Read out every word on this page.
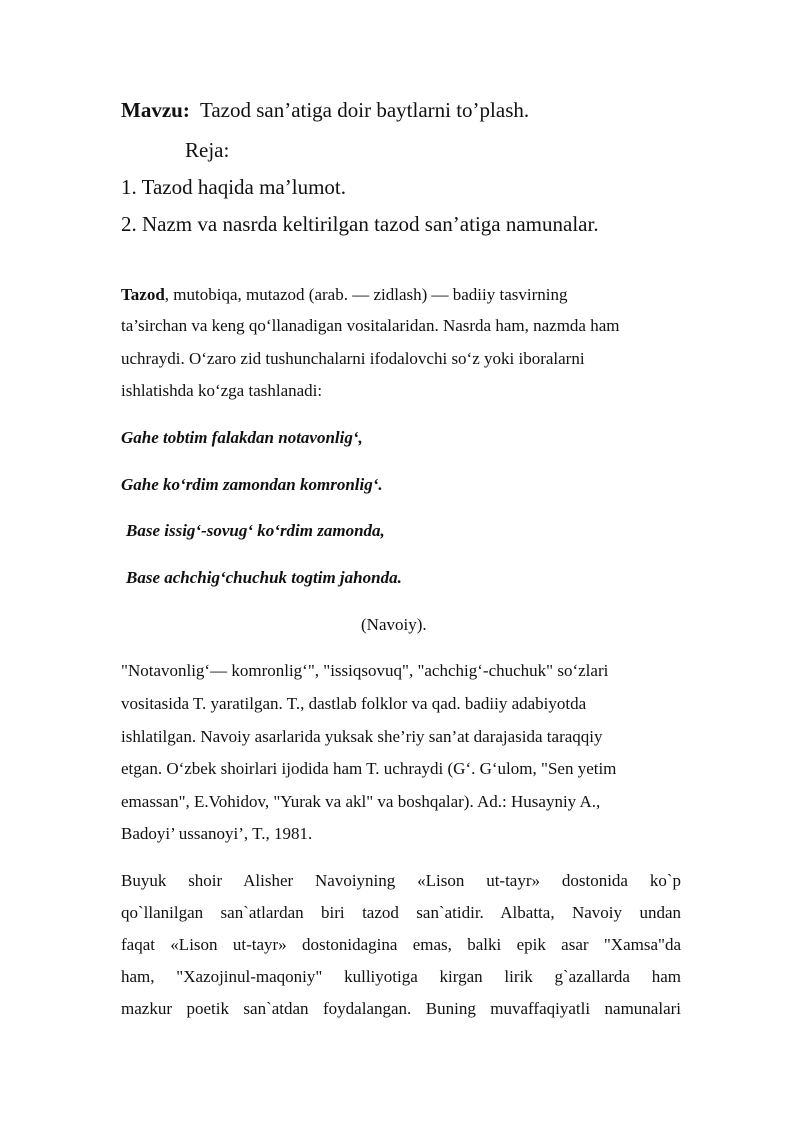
Mavzu: Tazod san’atiga doir baytlarni to’plash.
Reja:
1. Tazod haqida ma’lumot.
2. Nazm va nasrda keltirilgan tazod san’atiga namunalar.
Tazod, mutobiqa, mutazod (arab. — zidlash) — badiiy tasvirning
ta’sirchan va keng qo‘llanadigan vositalaridan. Nasrda ham, nazmda ham
uchraydi. O‘zaro zid tushunchalarni ifodalovchi so‘z yoki iboralarni
ishlatishda ko‘zga tashlanadi:
Gahe tobtim falakdan notavonlig‘,
Gahe ko‘rdim zamondan komronlig‘.
Base issig‘-sovug‘ ko‘rdim zamonda,
Base achchig‘chuchuk togtim jahonda.
(Navoiy).
"Notavonlig‘— komronlig‘", "issiqsovuq", "achchig‘-chuchuk" so‘zlari
vositasida T. yaratilgan. T., dastlab folklor va qad. badiiy adabiyotda
ishlatilgan. Navoiy asarlarida yuksak she’riy san’at darajasida taraqqiy
etgan. O‘zbek shoirlari ijodida ham T. uchraydi (G‘. G‘ulom, "Sen yetim
emassan", E.Vohidov, "Yurak va akl" va boshqalar). Ad.: Husayniy A.,
Badoyi’ ussanoyi’, T., 1981.
Buyuk shoir Alisher Navoiyning «Lison ut-tayr» dostonida ko`p
qo`llanilgan san`atlardan biri tazod san`atidir. Albatta, Navoiy undan
faqat «Lison ut-tayr» dostonidagina emas, balki epik asar "Xamsa"da
ham, "Xazojinul-maqoniy" kulliyotiga kirgan lirik g`azallarda ham
mazkur poetik san`atdan foydalangan. Buning muvaffaqiyatli namunalari
